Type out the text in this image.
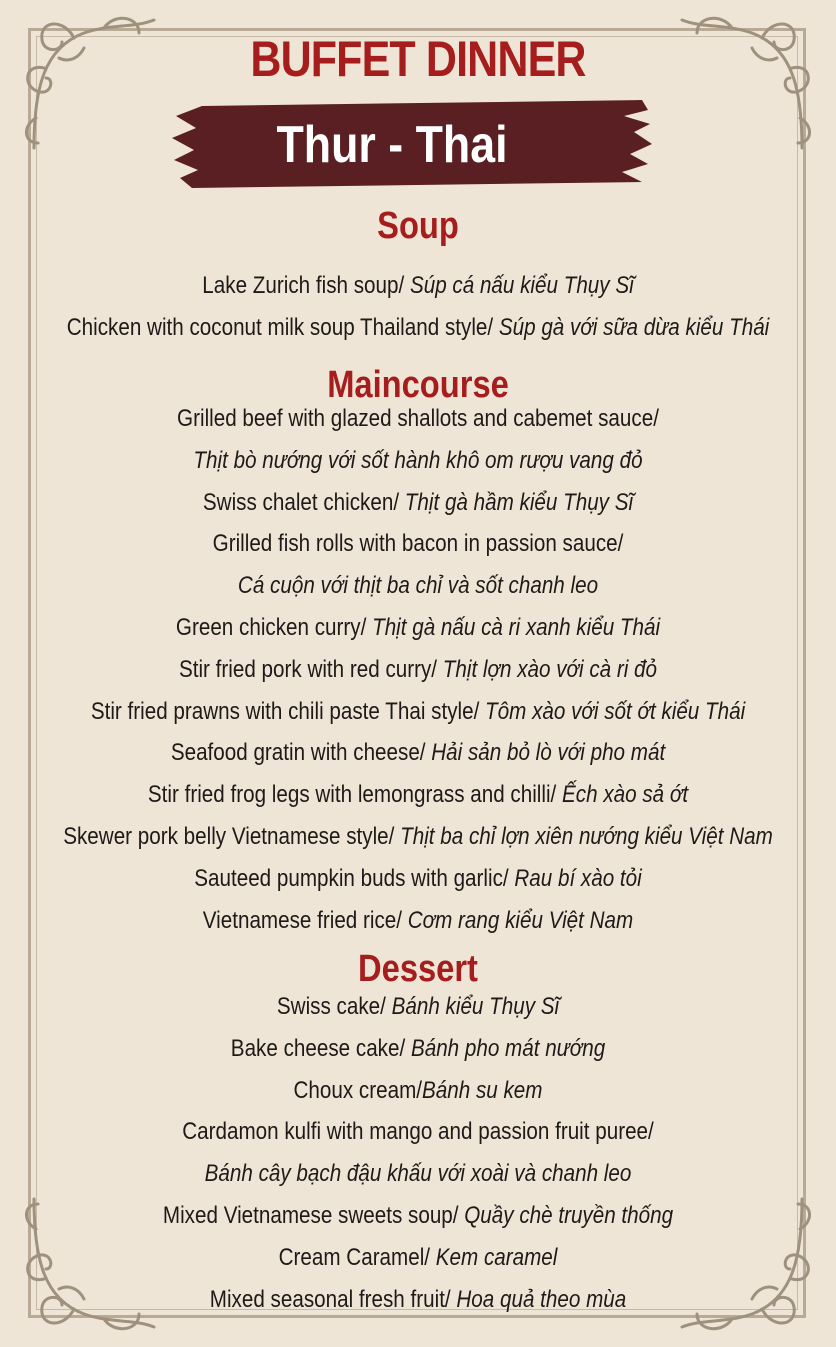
BUFFET DINNER
Thur - Thai
Soup
Lake Zurich fish soup/ Súp cá nấu kiểu Thụy Sĩ
Chicken with coconut milk soup Thailand style/ Súp gà với sữa dừa kiểu Thái
Maincourse
Grilled beef with glazed shallots and cabemet sauce/
Thịt bò nướng với sốt hành khô om rượu vang đỏ
Swiss chalet chicken/ Thịt gà hầm kiểu Thụy Sĩ
Grilled fish rolls with bacon in passion sauce/
Cá cuộn với thịt ba chỉ và sốt chanh leo
Green chicken curry/ Thịt gà nấu cà ri xanh kiểu Thái
Stir fried pork with red curry/ Thịt lợn xào với cà ri đỏ
Stir fried prawns with chili paste Thai style/ Tôm xào với sốt ớt kiểu Thái
Seafood gratin with cheese/ Hải sản bỏ lò với pho mát
Stir fried frog legs with lemongrass and chilli/ Ếch xào sả ớt
Skewer pork belly Vietnamese style/ Thịt ba chỉ lợn xiên nướng kiểu Việt Nam
Sauteed pumpkin buds with garlic/ Rau bí xào tỏi
Vietnamese fried rice/ Cơm rang kiểu Việt Nam
Dessert
Swiss cake/ Bánh kiểu Thụy Sĩ
Bake cheese cake/ Bánh pho mát nướng
Choux cream/Bánh su kem
Cardamon kulfi with mango and passion fruit puree/
Bánh cây bạch đậu khấu với xoài và chanh leo
Mixed Vietnamese sweets soup/ Quầy chè truyền thống
Cream Caramel/ Kem caramel
Mixed seasonal fresh fruit/ Hoa quả theo mùa
